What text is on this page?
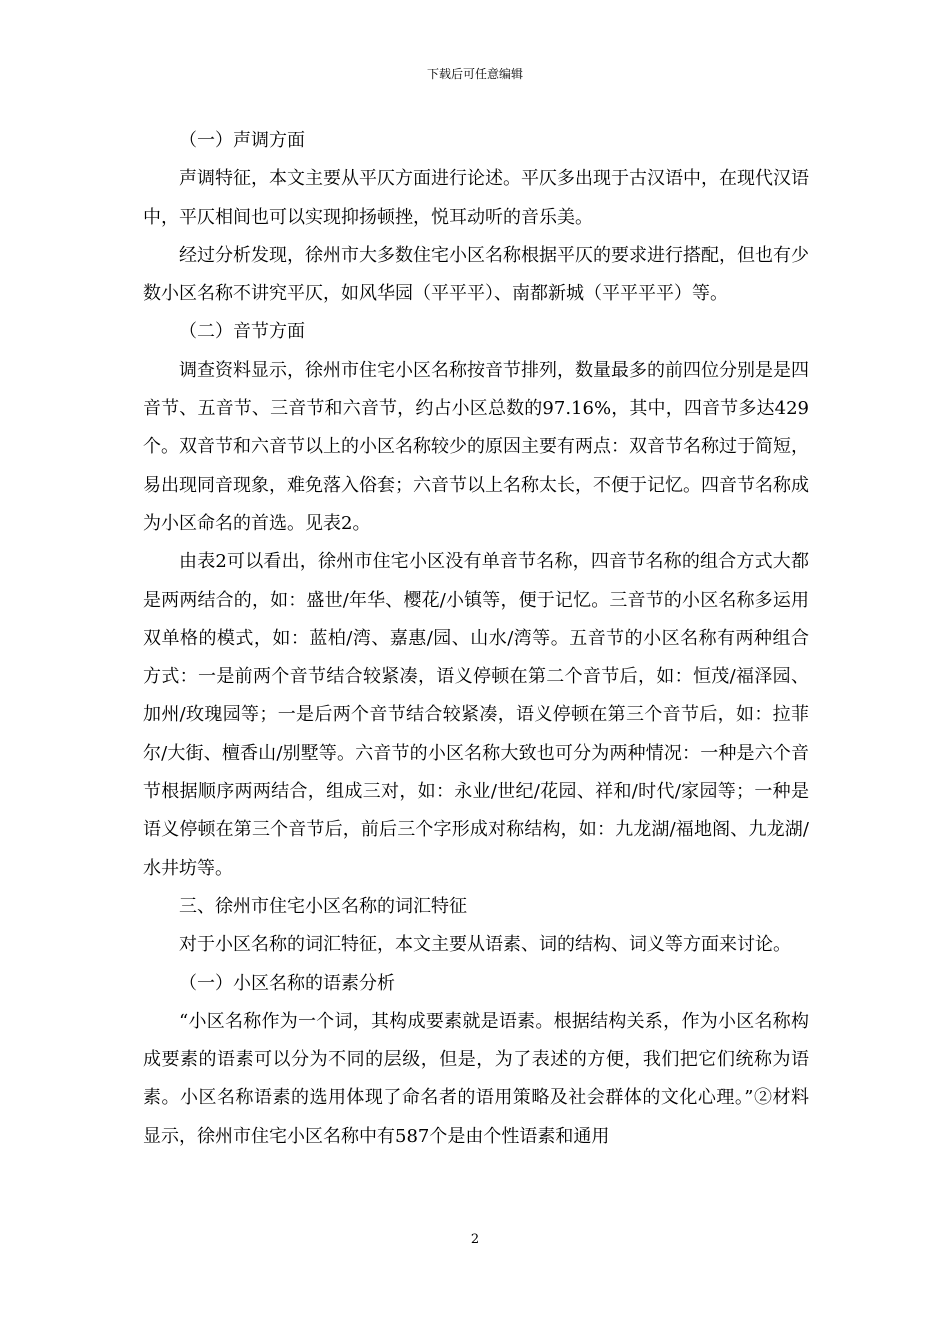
下载后可任意编辑

（一）声调方面

声调特征，本文主要从平仄方面进行论述。平仄多出现于古汉语中，在现代汉语中，平仄相间也可以实现抑扬顿挫，悦耳动听的音乐美。

经过分析发现，徐州市大多数住宅小区名称根据平仄的要求进行搭配，但也有少数小区名称不讲究平仄，如风华园（平平平）、南都新城（平平平平）等。

（二）音节方面

调查资料显示，徐州市住宅小区名称按音节排列，数量最多的前四位分别是是四音节、五音节、三音节和六音节，约占小区总数的97.16%，其中，四音节多达429个。双音节和六音节以上的小区名称较少的原因主要有两点：双音节名称过于简短，易出现同音现象，难免落入俗套；六音节以上名称太长，不便于记忆。四音节名称成为小区命名的首选。见表2。

由表2可以看出，徐州市住宅小区没有单音节名称，四音节名称的组合方式大都是两两结合的，如：盛世/年华、樱花/小镇等，便于记忆。三音节的小区名称多运用双单格的模式，如：蓝柏/湾、嘉惠/园、山水/湾等。五音节的小区名称有两种组合方式：一是前两个音节结合较紧凑，语义停顿在第二个音节后，如：恒茂/福泽园、加州/玫瑰园等；一是后两个音节结合较紧凑，语义停顿在第三个音节后，如：拉菲尔/大街、檀香山/别墅等。六音节的小区名称大致也可分为两种情况：一种是六个音节根据顺序两两结合，组成三对，如：永业/世纪/花园、祥和/时代/家园等；一种是语义停顿在第三个音节后，前后三个字形成对称结构，如：九龙湖/福地阁、九龙湖/水井坊等。

三、徐州市住宅小区名称的词汇特征

对于小区名称的词汇特征，本文主要从语素、词的结构、词义等方面来讨论。

（一）小区名称的语素分析

“小区名称作为一个词，其构成要素就是语素。根据结构关系，作为小区名称构成要素的语素可以分为不同的层级，但是，为了表述的方便，我们把它们统称为语素。小区名称语素的选用体现了命名者的语用策略及社会群体的文化心理。”②材料显示，徐州市住宅小区名称中有587个是由个性语素和通用

2
